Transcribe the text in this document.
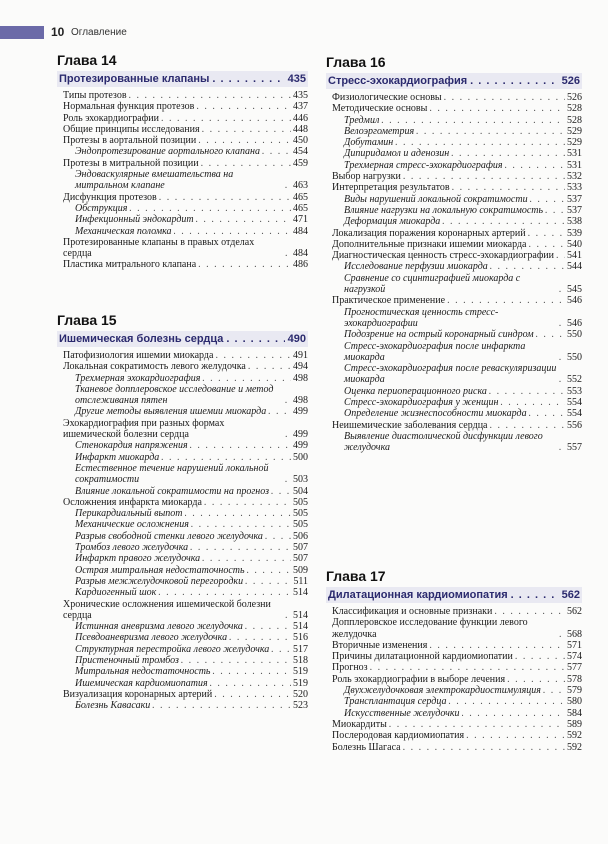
10 Оглавление
Глава 14
Протезированные клапаны . . .	435
Типы протезов . . .	435
Нормальная функция протезов . . .	437
Роль эхокардиографии . . .	446
Общие принципы исследования . . .	448
Протезы в аортальной позиции . . .	450
Эндопротезирование аортального клапана . . .	454
Протезы в митральной позиции . . .	459
Эндоваскулярные вмешательства на митральном клапане . . .	463
Дисфункция протезов . . .	465
Обструкция . . .	465
Инфекционный эндокардит . . .	471
Механическая поломка . . .	484
Протезированные клапаны в правых отделах сердца . . .	484
Пластика митрального клапана . . .	486
Глава 15
Ишемическая болезнь сердца . . .	490
Патофизиология ишемии миокарда . . .	491
Локальная сократимость левого желудочка . . .	494
Трехмерная эхокардиография . . .	498
Тканевое допплеровское исследование и метод отслеживания пятен . . .	498
Другие методы выявления ишемии миокарда . . .	499
Эхокардиография при разных формах ишемической болезни сердца . . .	499
Стенокардия напряжения . . .	499
Инфаркт миокарда . . .	500
Естественное течение нарушений локальной сократимости . . .	503
Влияние локальной сократимости на прогноз . . . 504
Осложнения инфаркта миокарда . . .	505
Перикардиальный выпот . . .	505
Механические осложнения . . .	505
Разрыв свободной стенки левого желудочка . . .	506
Тромбоз левого желудочка . . .	507
Инфаркт правого желудочка . . .	507
Острая митральная недостаточность . . .	509
Разрыв межжелудочковой перегородки . . .	511
Кардиогенный шок . . .	514
Хронические осложнения ишемической болезни сердца . . .	514
Истинная аневризма левого желудочка . . .	514
Псевдоаневризма левого желудочка . . .	516
Структурная перестройка левого желудочка . . . 517
Пристеночный тромбоз . . .	518
Митральная недостаточность . . .	519
Ишемическая кардиомиопатия . . .	519
Визуализация коронарных артерий . . .	520
Болезнь Кавасаки . . .	523
Глава 16
Стресс-эхокардиография . . .	526
Физиологические основы . . .	526
Методические основы . . .	528
Тредмил . . .	528
Велоэргометрия . . .	529
Добутамин . . .	529
Дипиридамол и аденозин . . .	531
Трехмерная стресс-эхокардиография . . .	531
Выбор нагрузки . . .	532
Интерпретация результатов . . .	533
Виды нарушений локальной сократимости . . .	537
Влияние нагрузки на локальную сократимость . . . 537
Деформация миокарда . . .	538
Локализация поражения коронарных артерий . . .	539
Дополнительные признаки ишемии миокарда . . .	540
Диагностическая ценность стресс-эхокардиографии . . . 541
Исследование перфузии миокарда . . .	544
Сравнение со сцинтиграфией миокарда с нагрузкой . . .	545
Практическое применение . . .	546
Прогностическая ценность стресс-эхокардиографии . . .	546
Подозрение на острый коронарный синдром . . .	550
Стресс-эхокардиография после инфаркта миокарда . . .	550
Стресс-эхокардиография после реваскуляризации миокарда . . .	552
Оценка периоперационного риска . . .	553
Стресс-эхокардиография у женщин . . .	554
Определение жизнеспособности миокарда . . .	554
Неишемические заболевания сердца . . .	556
Выявление диастолической дисфункции левого желудочка . . .	557
Глава 17
Дилатационная кардиомиопатия . . .	562
Классификация и основные признаки . . .	562
Допплеровское исследование функции левого желудочка . . .	568
Вторичные изменения . . .	571
Причины дилатационной кардиомиопатии . . .	574
Прогноз . . .	577
Роль эхокардиографии в выборе лечения . . .	578
Двухжелудочковая электрокардиостимуляция . . .	579
Трансплантация сердца . . .	580
Искусственные желудочки . . .	584
Миокардиты . . .	589
Послеродовая кардиомиопатия . . .	592
Болезнь Шагаса . . .	592
